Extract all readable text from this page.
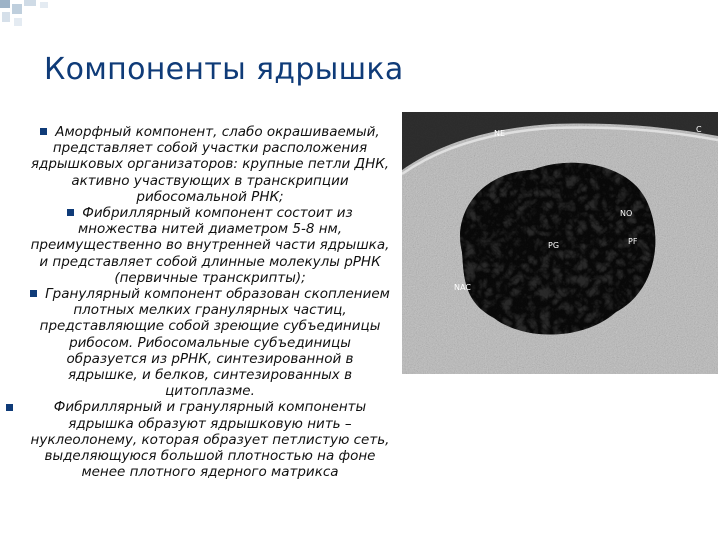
Компоненты ядрышка

Аморфный компонент, слабо окрашиваемый, представляет собой участки расположения ядрышковых организаторов: крупные петли ДНК, активно участвующих в транскрипции рибосомальной РНК;

Фибриллярный компонент состоит из множества нитей диаметром 5-8 нм, преимущественно во внутренней части ядрышка, и представляет собой длинные молекулы рРНК (первичные транскрипты);

Гранулярный компонент образован скоплением плотных мелких гранулярных частиц, представляющие собой зреющие субъединицы рибосом. Рибосомальные субъединицы образуется из рРНК, синтезированной в ядрышке, и белков, синтезированных в цитоплазме.

Фибриллярный и гранулярный компоненты ядрышка образуют ядрышковую нить – нуклеолонему, которая образует петлистую сеть, выделяющуюся большой плотностью на фоне менее плотного ядерного матрикса

NE	C
NO
PF
PG
NAC
